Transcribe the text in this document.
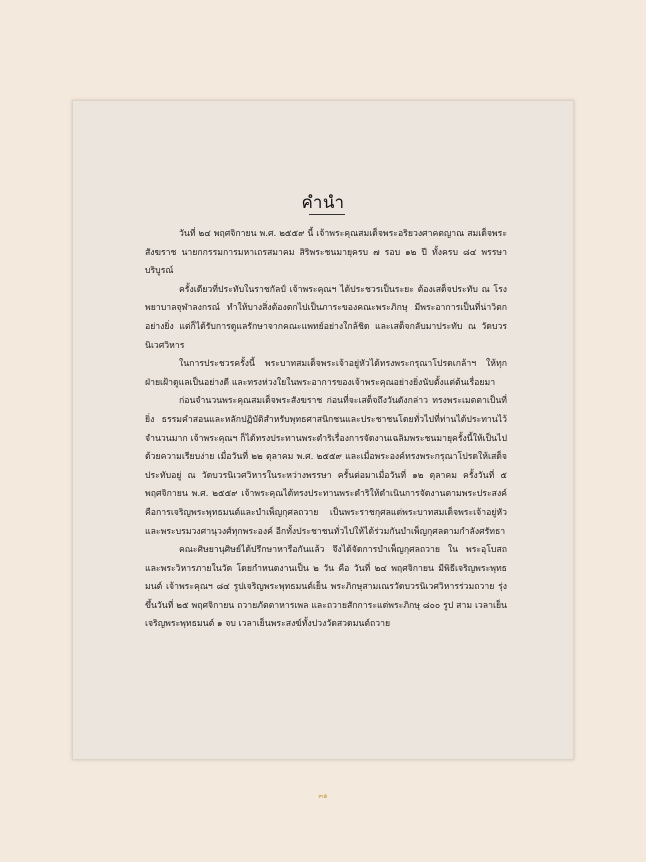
คำนำ

วันที่ ๒๔ พฤศจิกายน พ.ศ. ๒๕๕๙ นี้ เจ้าพระคุณสมเด็จพระอริยวงศาคตญาณ สมเด็จพระสังฆราช นายกกรรมการมหาเถรสมาคม สิริพระชนมายุครบ ๗ รอบ ๑๒ ปี ทั้งครบ ๘๔ พรรษาบริบูรณ์

ครั้งเดียวที่ประทับในราชกัลป์ เจ้าพระคุณฯ ได้ประชวรเป็นระยะ ต้องเสด็จประทับ ณ โรงพยาบาลจุฬาลงกรณ์ ทำให้บางสิ่งต้องตกไปเป็นภาระของคณะพระภิกษุ มีพระอาการเป็นที่น่าวิตก อย่างยิ่ง แต่ก็ได้รับการดูแลรักษาจากคณะแพทย์อย่างใกล้ชิด และเสด็จกลับมาประทับ ณ วัดบวรนิเวศวิหาร

ในการประชวรครั้งนี้ พระบาทสมเด็จพระเจ้าอยู่หัวได้ทรงพระกรุณาโปรดเกล้าฯ ให้ทุกฝ่ายเฝ้าดูแลเป็นอย่างดี และทรงห่วงใยในพระอาการของเจ้าพระคุณอย่างยิ่งนับตั้งแต่ต้นเรื่อยมา

ก่อนจำนวนพระคุณสมเด็จพระสังฆราช ก่อนที่จะเสด็จถึงวันดังกล่าว ทรงพระเมตตาเป็นที่ยิ่ง ธรรมคำสอนและหลักปฏิบัติสำหรับพุทธศาสนิกชนและประชาชนโดยทั่วไปที่ท่านได้ประทานไว้จำนวนมาก เจ้าพระคุณฯ ก็ได้ทรงประทานพระดำริเรื่องการจัดงานเฉลิมพระชนมายุครั้งนี้ให้เป็นไปด้วยความเรียบง่าย เมื่อวันที่ ๒๒ ตุลาคม พ.ศ. ๒๕๕๙ และเมื่อพระองค์ทรงพระกรุณาโปรดให้เสด็จประทับอยู่ ณ วัดบวรนิเวศวิหารในระหว่างพรรษา ครั้นต่อมาเมื่อวันที่ ๑๒ ตุลาคม ครั้งวันที่ ๕ พฤศจิกายน พ.ศ. ๒๕๕๙ เจ้าพระคุณได้ทรงประทานพระดำริให้ดำเนินการจัดงานตามพระประสงค์ คือการเจริญพระพุทธมนต์และบำเพ็ญกุศลถวาย เป็นพระราชกุศลแด่พระบาทสมเด็จพระเจ้าอยู่หัว และพระบรมวงศานุวงศ์ทุกพระองค์ อีกทั้งประชาชนทั่วไปให้ได้ร่วมกันบำเพ็ญกุศลตามกำลังศรัทธา

คณะศิษยานุศิษย์ได้ปรึกษาหารือกันแล้ว จึงได้จัดการบำเพ็ญกุศลถวาย ใน พระอุโบสถและพระวิหารภายในวัด โดยกำหนดงานเป็น ๒ วัน คือ วันที่ ๒๔ พฤศจิกายน มีพิธีเจริญพระพุทธมนต์ เจ้าพระคุณฯ ๘๔ รูปเจริญพระพุทธมนต์เย็น พระภิกษุสามเณรวัดบวรนิเวศวิหารร่วมถวาย รุ่งขึ้นวันที่ ๒๕ พฤศจิกายน ถวายภัตตาหารเพล และถวายสักการะแด่พระภิกษุ ๘๐๐ รูป สาม เวลาเย็นเจริญพระพุทธมนต์ ๑ จบ เวลาเย็นพระสงฆ์ทั้งปวงวัดสวดมนต์ถวาย

๓๑
